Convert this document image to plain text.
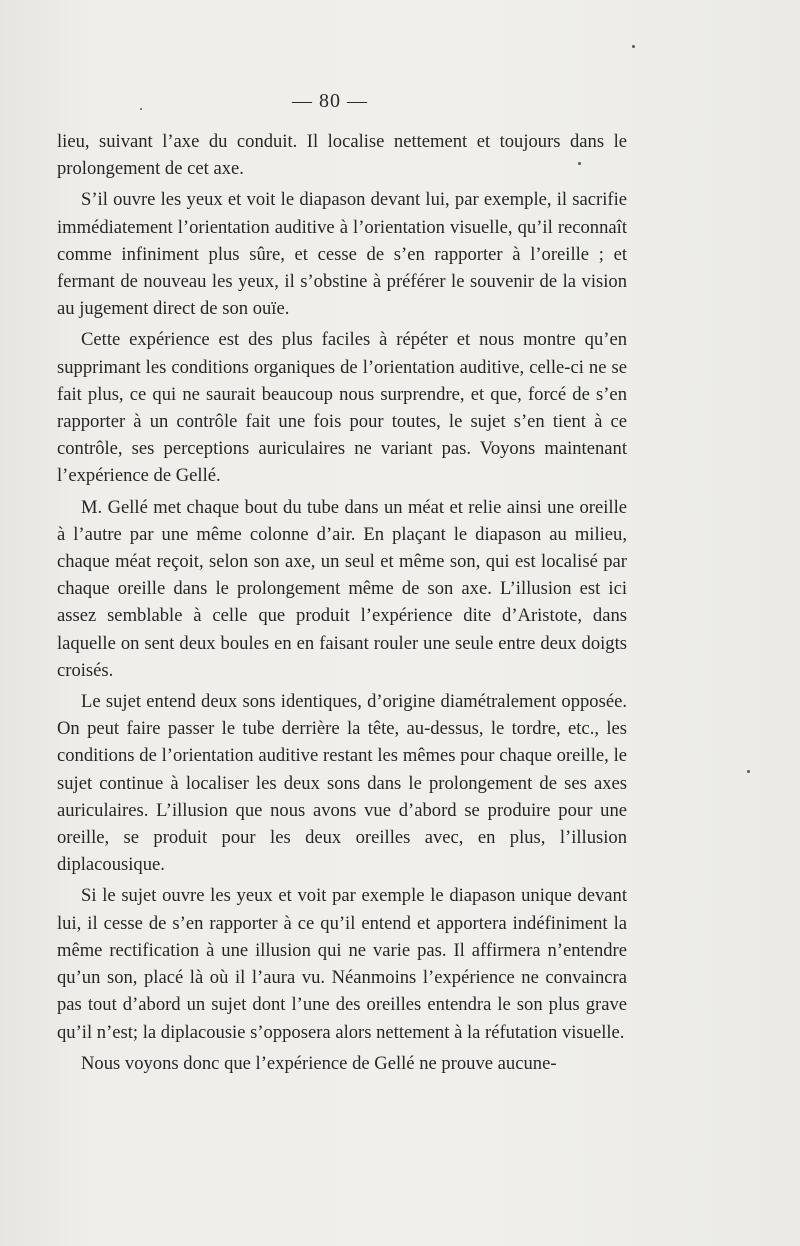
— 80 —

lieu, suivant l’axe du conduit. Il localise nettement et toujours dans le prolongement de cet axe.

S’il ouvre les yeux et voit le diapason devant lui, par exemple, il sacrifie immédiatement l’orientation auditive à l’orientation visuelle, qu’il reconnaît comme infiniment plus sûre, et cesse de s’en rapporter à l’oreille ; et fermant de nouveau les yeux, il s’obstine à préférer le souvenir de la vision au jugement direct de son ouïe.

Cette expérience est des plus faciles à répéter et nous montre qu’en supprimant les conditions organiques de l’orientation auditive, celle-ci ne se fait plus, ce qui ne saurait beaucoup nous surprendre, et que, forcé de s’en rapporter à un contrôle fait une fois pour toutes, le sujet s’en tient à ce contrôle, ses perceptions auriculaires ne variant pas. Voyons maintenant l’expérience de Gellé.

M. Gellé met chaque bout du tube dans un méat et relie ainsi une oreille à l’autre par une même colonne d’air. En plaçant le diapason au milieu, chaque méat reçoit, selon son axe, un seul et même son, qui est localisé par chaque oreille dans le prolongement même de son axe. L’illusion est ici assez semblable à celle que produit l’expérience dite d’Aristote, dans laquelle on sent deux boules en en faisant rouler une seule entre deux doigts croisés.

Le sujet entend deux sons identiques, d’origine diamétralement opposée. On peut faire passer le tube derrière la tête, au-dessus, le tordre, etc., les conditions de l’orientation auditive restant les mêmes pour chaque oreille, le sujet continue à localiser les deux sons dans le prolongement de ses axes auriculaires. L’illusion que nous avons vue d’abord se produire pour une oreille, se produit pour les deux oreilles avec, en plus, l’illusion diplacousique.

Si le sujet ouvre les yeux et voit par exemple le diapason unique devant lui, il cesse de s’en rapporter à ce qu’il entend et apportera indéfiniment la même rectification à une illusion qui ne varie pas. Il affirmera n’entendre qu’un son, placé là où il l’aura vu. Néanmoins l’expérience ne convaincra pas tout d’abord un sujet dont l’une des oreilles entendra le son plus grave qu’il n’est; la diplacousie s’opposera alors nettement à la réfutation visuelle.

Nous voyons donc que l’expérience de Gellé ne prouve aucune-
